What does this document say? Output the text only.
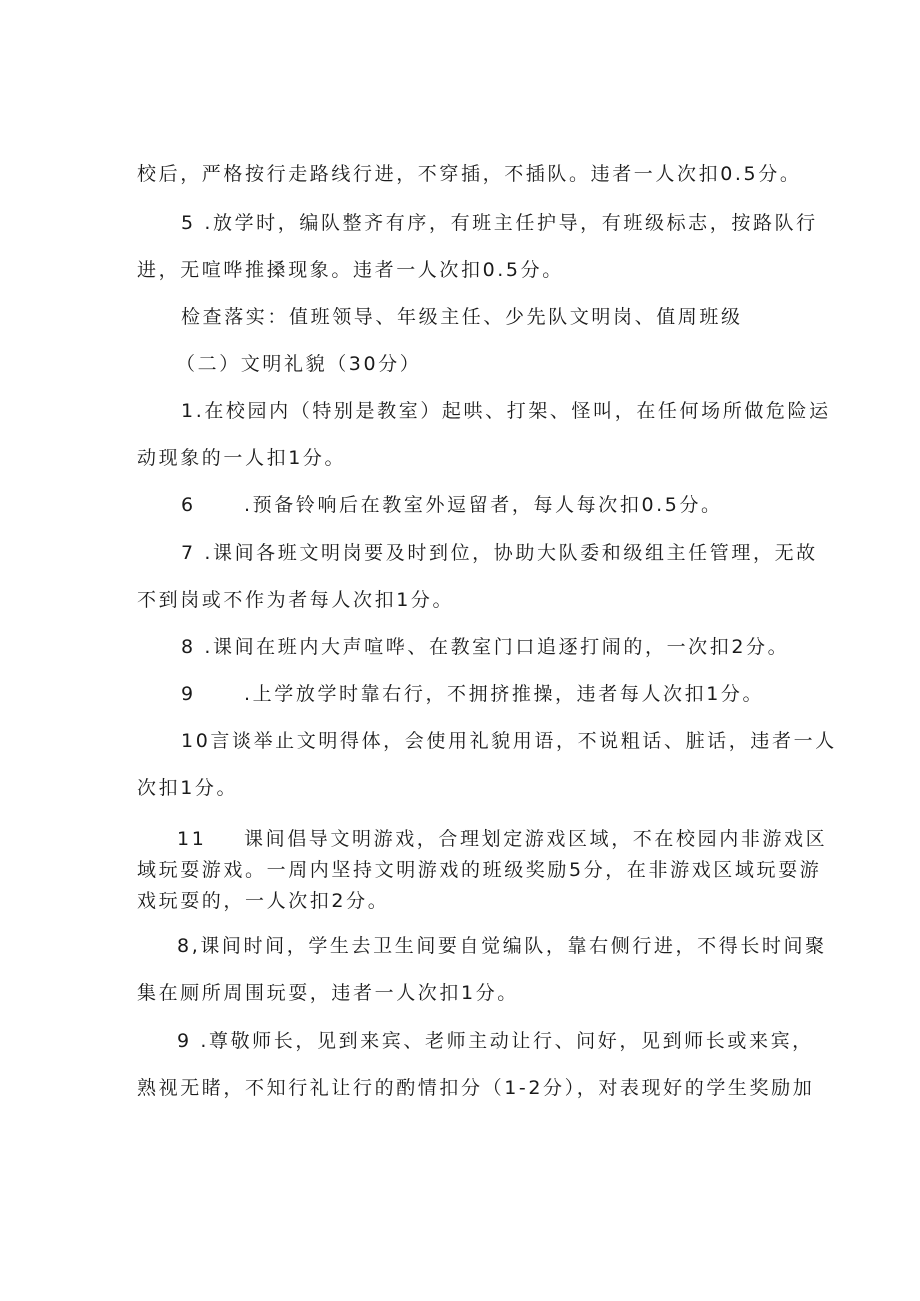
校后，严格按行走路线行进，不穿插，不插队。违者一人次扣0.5分。
5 .放学时，编队整齐有序，有班主任护导，有班级标志，按路队行
进，无喧哗推搡现象。违者一人次扣0.5分。
检查落实：值班领导、年级主任、少先队文明岗、值周班级
（二）文明礼貌（30分）
1.在校园内（特别是教室）起哄、打架、怪叫，在任何场所做危险运
动现象的一人扣1分。
6	.预备铃响后在教室外逗留者，每人每次扣0.5分。
7 .课间各班文明岗要及时到位，协助大队委和级组主任管理，无故
不到岗或不作为者每人次扣1分。
8 .课间在班内大声喧哗、在教室门口追逐打闹的，一次扣2分。
9	.上学放学时靠右行，不拥挤推操，违者每人次扣1分。
10言谈举止文明得体，会使用礼貌用语，不说粗话、脏话，违者一人
次扣1分。
11	课间倡导文明游戏，合理划定游戏区域，不在校园内非游戏区
域玩耍游戏。一周内坚持文明游戏的班级奖励5分，在非游戏区域玩耍游
戏玩耍的，一人次扣2分。
8,课间时间，学生去卫生间要自觉编队，靠右侧行进，不得长时间聚
集在厕所周围玩耍，违者一人次扣1分。
9 .尊敬师长，见到来宾、老师主动让行、问好，见到师长或来宾，
熟视无睹，不知行礼让行的酌情扣分（1-2分），对表现好的学生奖励加
